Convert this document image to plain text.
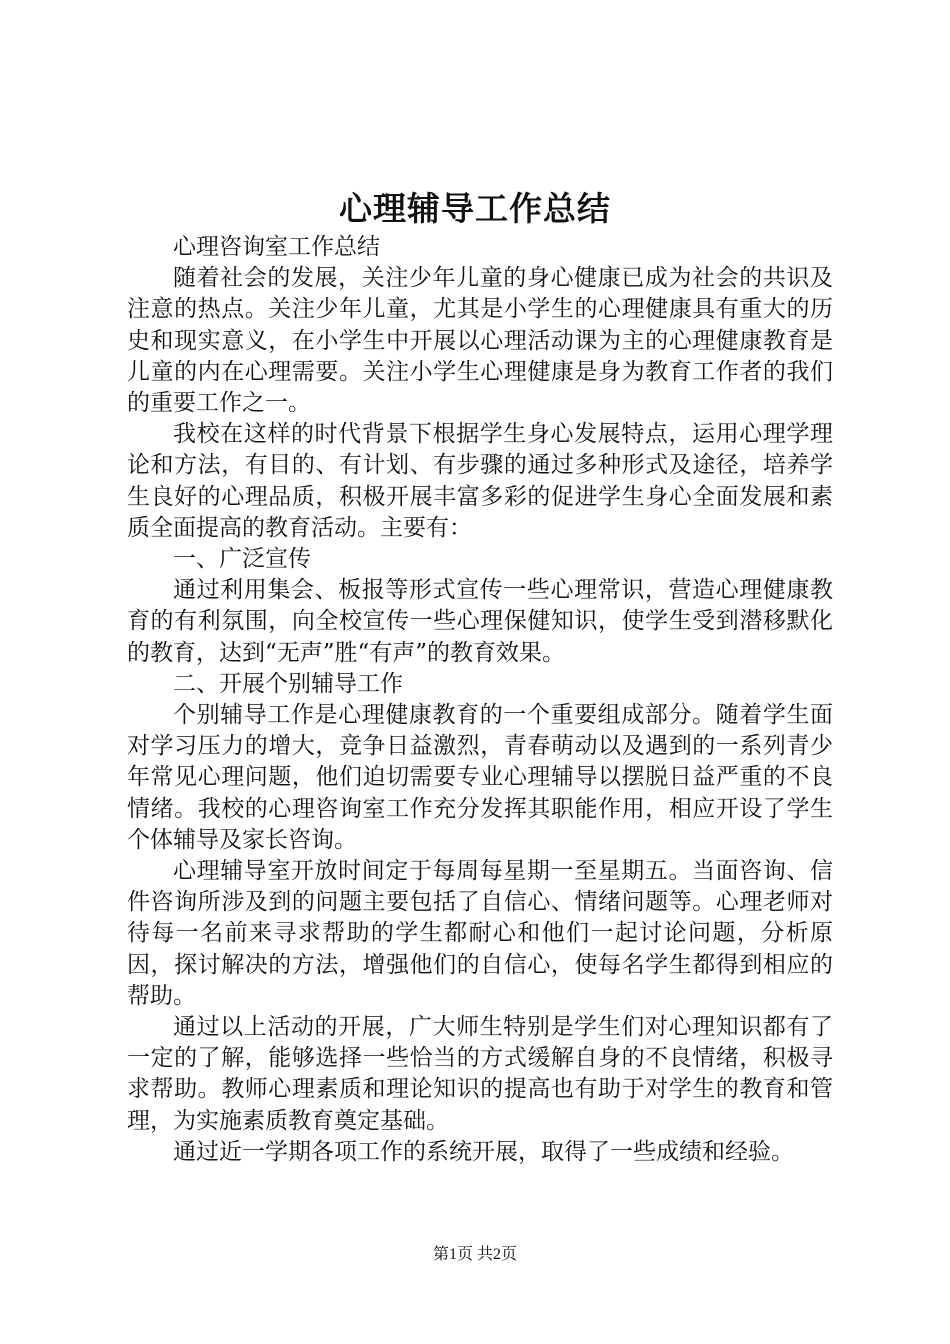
心理辅导工作总结

心理咨询室工作总结

随着社会的发展，关注少年儿童的身心健康已成为社会的共识及注意的热点。关注少年儿童，尤其是小学生的心理健康具有重大的历史和现实意义，在小学生中开展以心理活动课为主的心理健康教育是儿童的内在心理需要。关注小学生心理健康是身为教育工作者的我们的重要工作之一。

我校在这样的时代背景下根据学生身心发展特点，运用心理学理论和方法，有目的、有计划、有步骤的通过多种形式及途径，培养学生良好的心理品质，积极开展丰富多彩的促进学生身心全面发展和素质全面提高的教育活动。主要有：

一、广泛宣传

通过利用集会、板报等形式宣传一些心理常识，营造心理健康教育的有利氛围，向全校宣传一些心理保健知识，使学生受到潜移默化的教育，达到“无声”胜“有声”的教育效果。

二、开展个别辅导工作

个别辅导工作是心理健康教育的一个重要组成部分。随着学生面对学习压力的增大，竞争日益激烈，青春萌动以及遇到的一系列青少年常见心理问题，他们迫切需要专业心理辅导以摆脱日益严重的不良情绪。我校的心理咨询室工作充分发挥其职能作用，相应开设了学生个体辅导及家长咨询。

心理辅导室开放时间定于每周每星期一至星期五。当面咨询、信件咨询所涉及到的问题主要包括了自信心、情绪问题等。心理老师对待每一名前来寻求帮助的学生都耐心和他们一起讨论问题，分析原因，探讨解决的方法，增强他们的自信心，使每名学生都得到相应的帮助。

通过以上活动的开展，广大师生特别是学生们对心理知识都有了一定的了解，能够选择一些恰当的方式缓解自身的不良情绪，积极寻求帮助。教师心理素质和理论知识的提高也有助于对学生的教育和管理，为实施素质教育奠定基础。

通过近一学期各项工作的系统开展，取得了一些成绩和经验。

第1页 共2页
